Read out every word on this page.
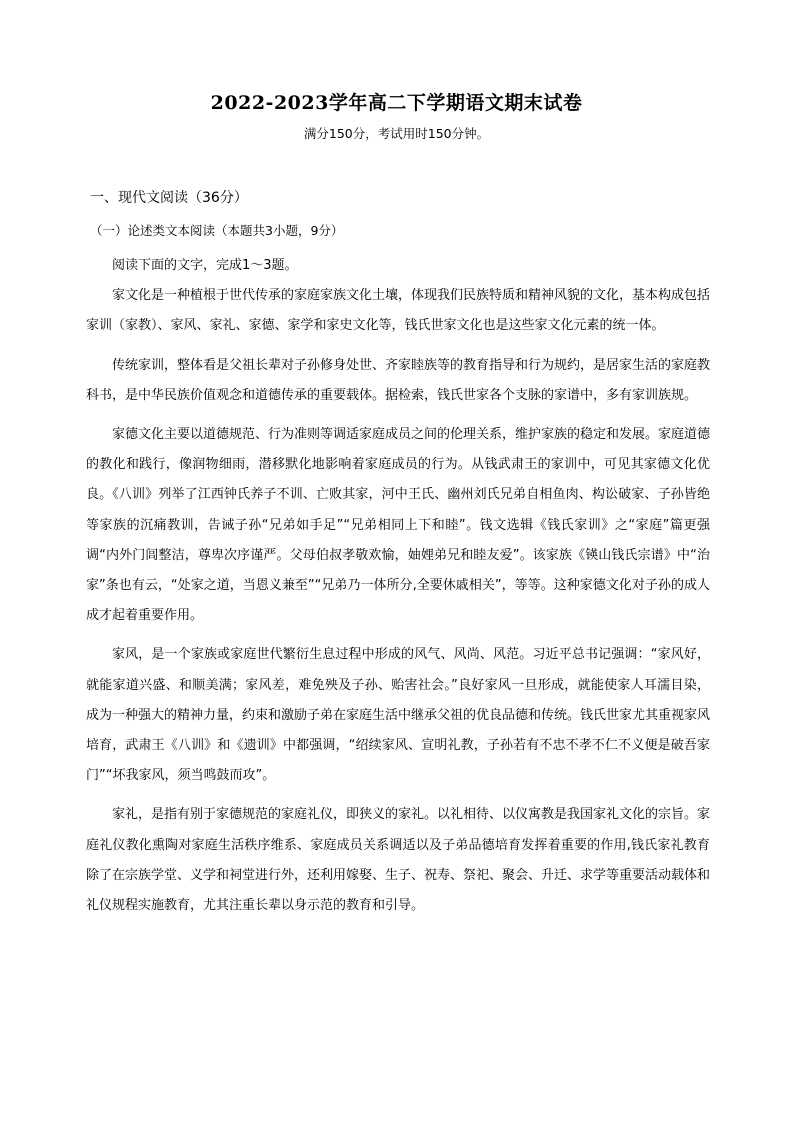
2022-2023学年高二下学期语文期末试卷
满分150分，考试用时150分钟。
一、现代文阅读（36分）
（一）论述类文本阅读（本题共3小题，9分）

阅读下面的文字，完成1～3题。

家文化是一种植根于世代传承的家庭家族文化土壤，体现我们民族特质和精神风貌的文化，基本构成包括家训（家教）、家风、家礼、家德、家学和家史文化等，钱氏世家文化也是这些家文化元素的统一体。

传统家训，整体看是父祖长辈对子孙修身处世、齐家睦族等的教育指导和行为规约，是居家生活的家庭教科书，是中华民族价值观念和道德传承的重要载体。据检索，钱氏世家各个支脉的家谱中，多有家训族规。

家德文化主要以道德规范、行为准则等调适家庭成员之间的伦理关系，维护家族的稳定和发展。家庭道德的教化和践行，像润物细雨，潜移默化地影响着家庭成员的行为。从钱武肃王的家训中，可见其家德文化优良。《八训》列举了江西钟氏养子不训、亡败其家，河中王氏、幽州刘氏兄弟自相鱼肉、构讼破家、子孙皆绝等家族的沉痛教训，告诫子孙“兄弟如手足”“兄弟相同上下和睦”。钱文选辑《钱氏家训》之“家庭”篇更强调“内外门闾整洁，尊卑次序谨严。父母伯叔孝敬欢愉，妯娌弟兄和睦友爱”。该家族《锳山钱氏宗谱》中“治家”条也有云，“处家之道，当恩义兼至”“兄弟乃一体所分,全要休戚相关”，等等。这种家德文化对子孙的成人成才起着重要作用。

家风，是一个家族或家庭世代繁衍生息过程中形成的风气、风尚、风范。习近平总书记强调：“家风好，就能家道兴盛、和顺美满；家风差，难免殃及子孙、贻害社会。”良好家风一旦形成，就能使家人耳濡目染，成为一种强大的精神力量，约束和激励子弟在家庭生活中继承父祖的优良品德和传统。钱氏世家尤其重视家风培育，武肃王《八训》和《遗训》中都强调，“绍续家风、宣明礼教，子孙若有不忠不孝不仁不义便是破吾家门”“坏我家风，须当鸣鼓而攻”。

家礼，是指有别于家德规范的家庭礼仪，即狭义的家礼。以礼相待、以仪寓教是我国家礼文化的宗旨。家庭礼仪教化熏陶对家庭生活秩序维系、家庭成员关系调适以及子弟品德培育发挥着重要的作用,钱氏家礼教育除了在宗族学堂、义学和祠堂进行外，还利用嫁娶、生子、祝寿、祭祀、聚会、升迁、求学等重要活动载体和礼仪规程实施教育，尤其注重长辈以身示范的教育和引导。
